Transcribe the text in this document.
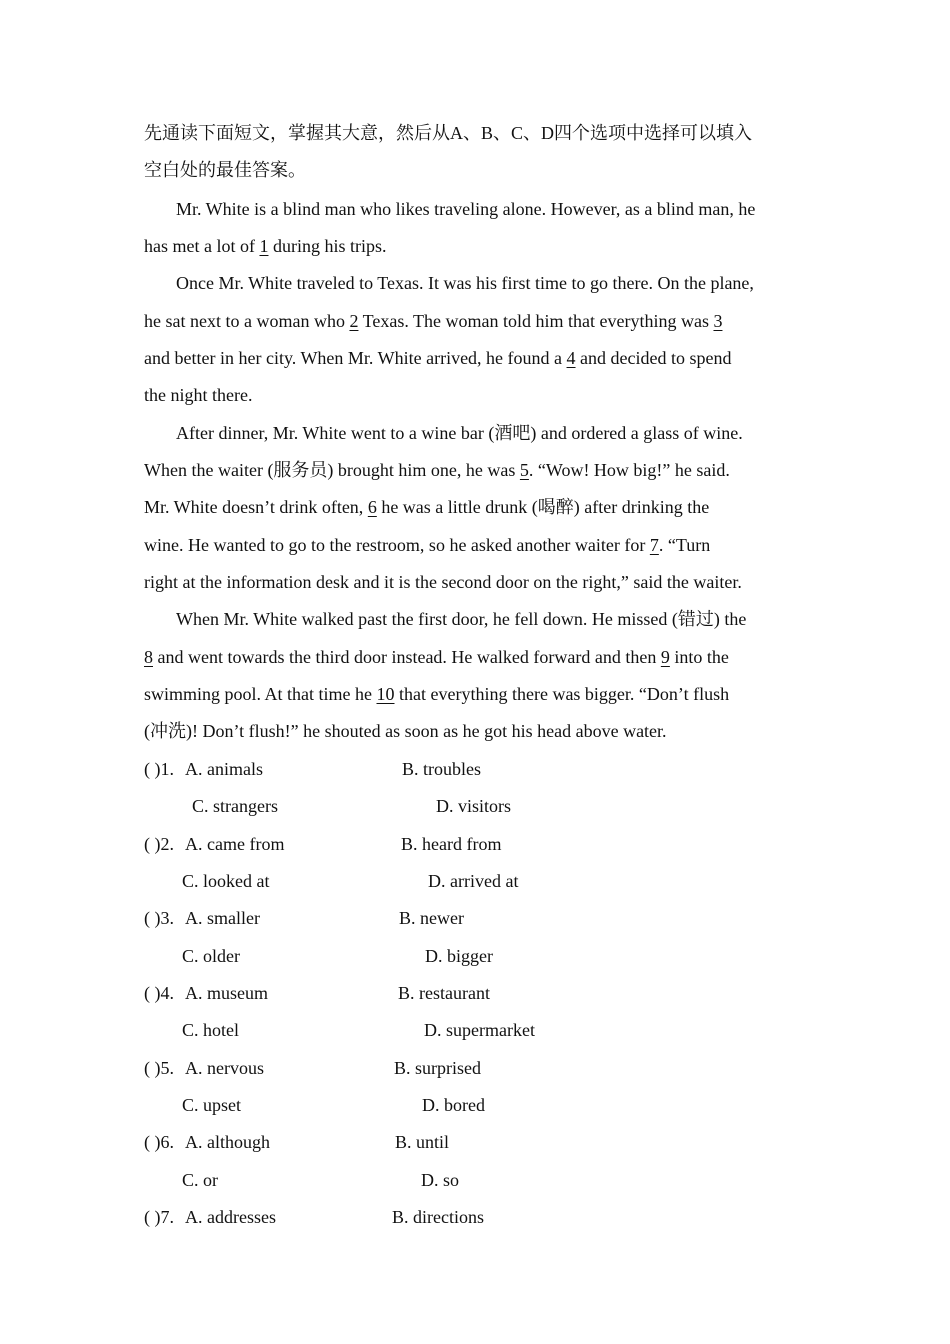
先通读下面短文，掌握其大意，然后从A、B、C、D四个选项中选择可以填入
空白处的最佳答案。
Mr. White is a blind man who likes traveling alone. However, as a blind man, he
has met a lot of 1 during his trips.
Once Mr. White traveled to Texas. It was his first time to go there. On the plane,
he sat next to a woman who 2 Texas. The woman told him that everything was 3
and better in her city. When Mr. White arrived, he found a 4 and decided to spend
the night there.
After dinner, Mr. White went to a wine bar (酒吧) and ordered a glass of wine.
When the waiter (服务员) brought him one, he was 5. “Wow! How big!” he said.
Mr. White doesn’t drink often, 6 he was a little drunk (喝醉) after drinking the
wine. He wanted to go to the restroom, so he asked another waiter for 7. “Turn
right at the information desk and it is the second door on the right,” said the waiter.
When Mr. White walked past the first door, he fell down. He missed (错过) the
8 and went towards the third door instead. He walked forward and then 9 into the
swimming pool. At that time he 10 that everything there was bigger. “Don’t flush
(冲洗)! Don’t flush!” he shouted as soon as he got his head above water.
( )1. A. animals	B. troubles
C. strangers	D. visitors
( )2. A. came from	B. heard from
C. looked at	D. arrived at
( )3. A. smaller	B. newer
C. older	D. bigger
( )4. A. museum	B. restaurant
C. hotel	D. supermarket
( )5. A. nervous	B. surprised
C. upset	D. bored
( )6. A. although	B. until
C. or	D. so
( )7. A. addresses	B. directions
